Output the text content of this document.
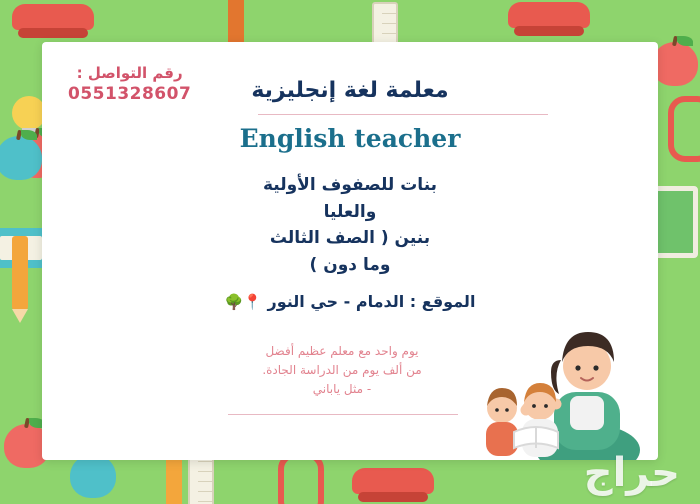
رقم التواصل :
0551328607	معلمة لغة إنجليزية
English teacher
بنات للصفوف الأولية
والعليا
بنين ( الصف الثالث
وما دون )
الموقع : الدمام - حي النور 📍🌳
يوم واحد مع معلم عظيم أفضل
من ألف يوم من الدراسة الجادة.
- مثل ياباني
حراج
